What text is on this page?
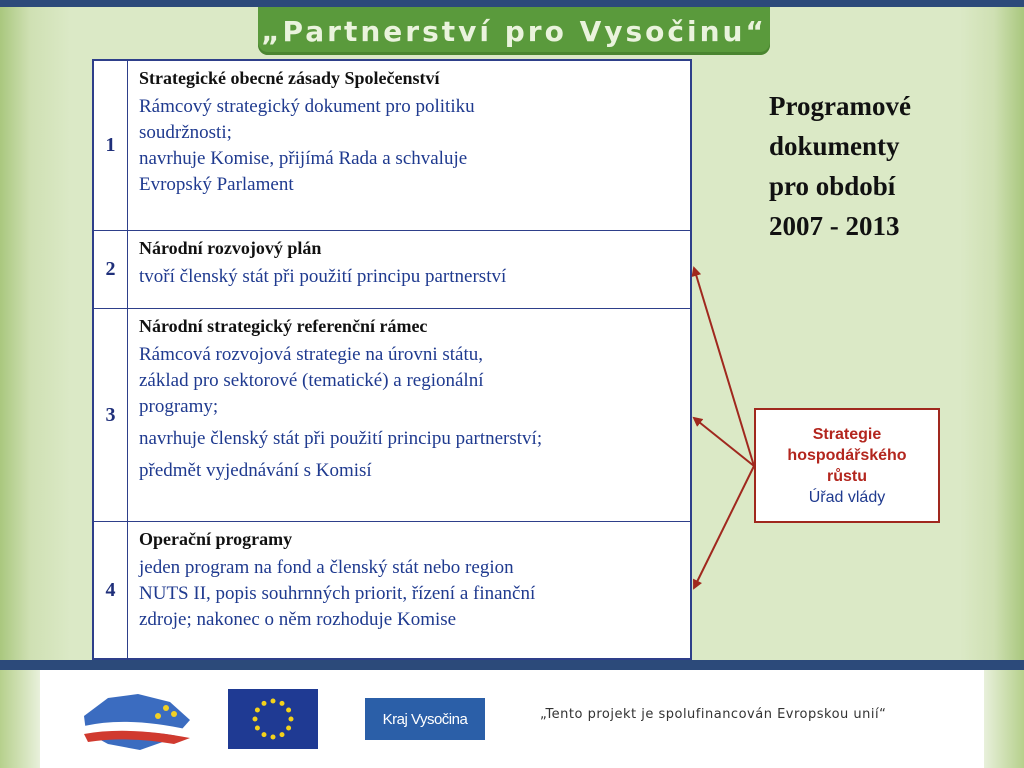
„Partnerství pro Vysočinu“
1
Strategické obecné zásady Společenství

Rámcový strategický dokument pro politiku
soudržnosti;
navrhuje Komise, přijímá Rada a schvaluje
Evropský Parlament

2
Národní rozvojový plán

tvoří členský stát při použití principu partnerství

3
Národní strategický referenční rámec

Rámcová rozvojová strategie na úrovni státu,
základ pro sektorové (tematické) a regionální
programy;

navrhuje členský stát při použití principu partnerství;

předmět vyjednávání s Komisí

4
Operační programy

jeden program na fond a členský stát nebo region
NUTS II, popis souhrnných priorit, řízení a finanční
zdroje; nakonec o něm rozhoduje Komise

Programové
dokumenty
pro období
2007 - 2013
Strategie
hospodářského
růstu
Úřad vlády
Kraj Vysočina	„Tento projekt je spolufinancován Evropskou unií“
